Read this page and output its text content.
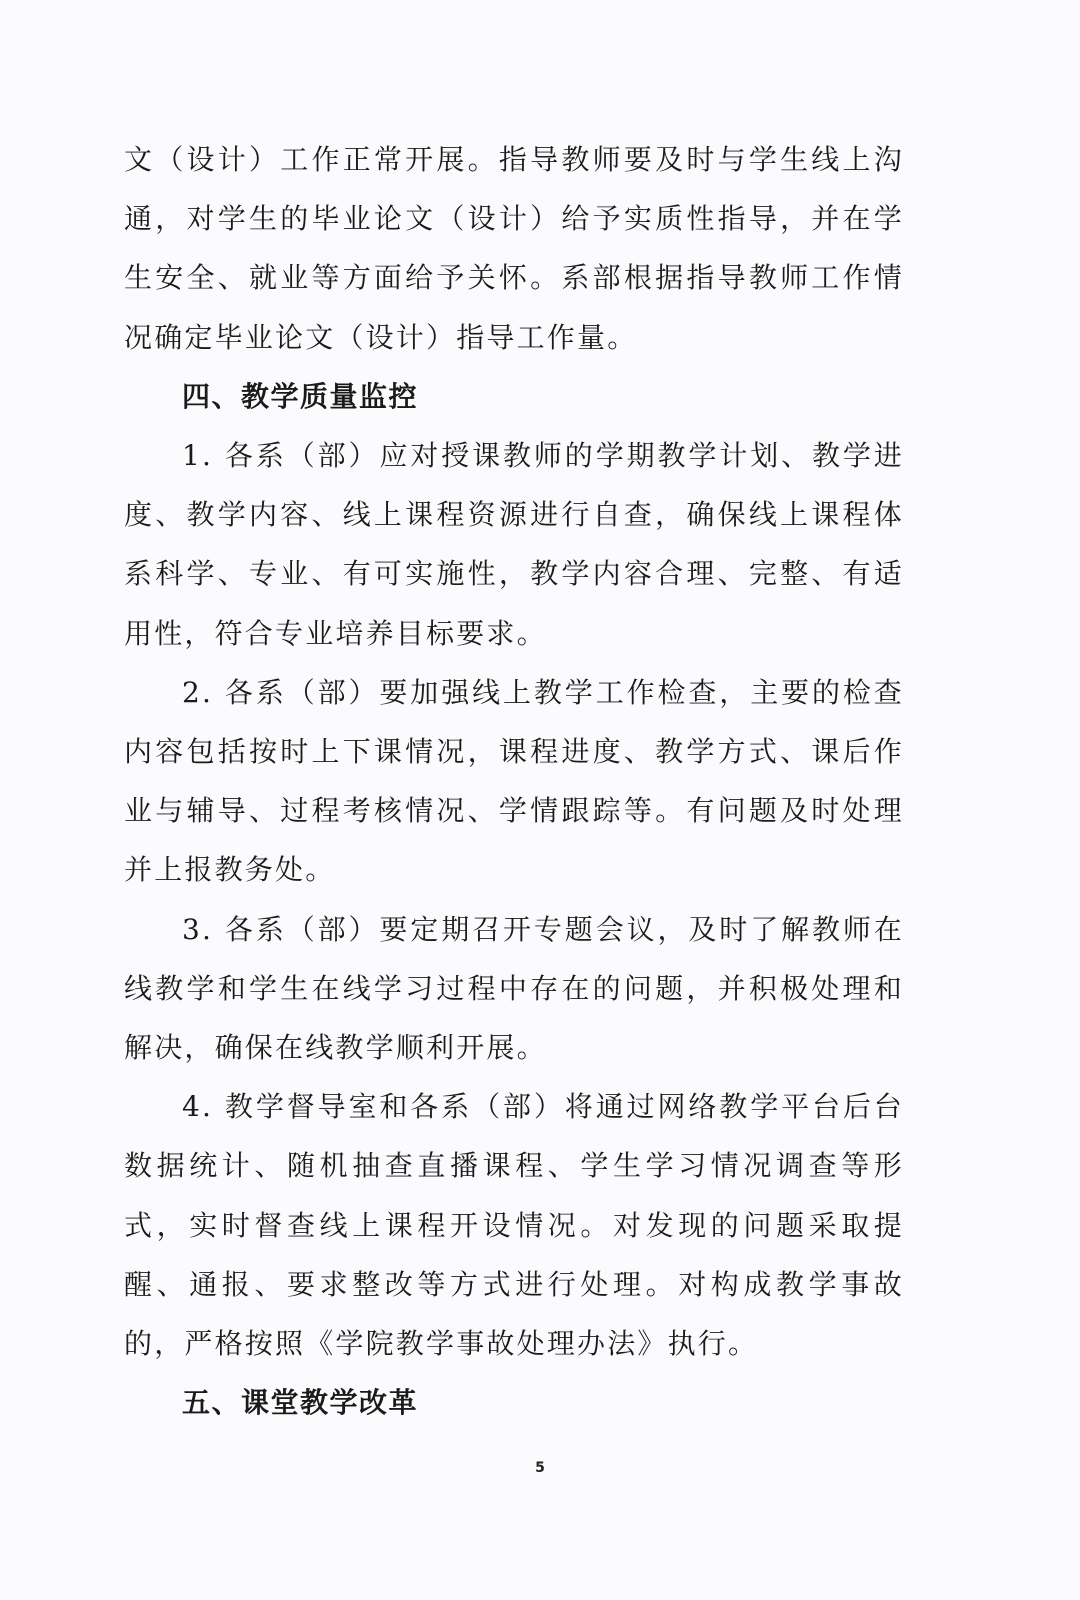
文（设计）工作正常开展。指导教师要及时与学生线上沟通，对学生的毕业论文（设计）给予实质性指导，并在学生安全、就业等方面给予关怀。系部根据指导教师工作情况确定毕业论文（设计）指导工作量。

四、教学质量监控

1. 各系（部）应对授课教师的学期教学计划、教学进度、教学内容、线上课程资源进行自查，确保线上课程体系科学、专业、有可实施性，教学内容合理、完整、有适用性，符合专业培养目标要求。

2. 各系（部）要加强线上教学工作检查，主要的检查内容包括按时上下课情况，课程进度、教学方式、课后作业与辅导、过程考核情况、学情跟踪等。有问题及时处理并上报教务处。

3. 各系（部）要定期召开专题会议，及时了解教师在线教学和学生在线学习过程中存在的问题，并积极处理和解决，确保在线教学顺利开展。

4. 教学督导室和各系（部）将通过网络教学平台后台数据统计、随机抽查直播课程、学生学习情况调查等形式，实时督查线上课程开设情况。对发现的问题采取提醒、通报、要求整改等方式进行处理。对构成教学事故的，严格按照《学院教学事故处理办法》执行。

五、课堂教学改革

5
